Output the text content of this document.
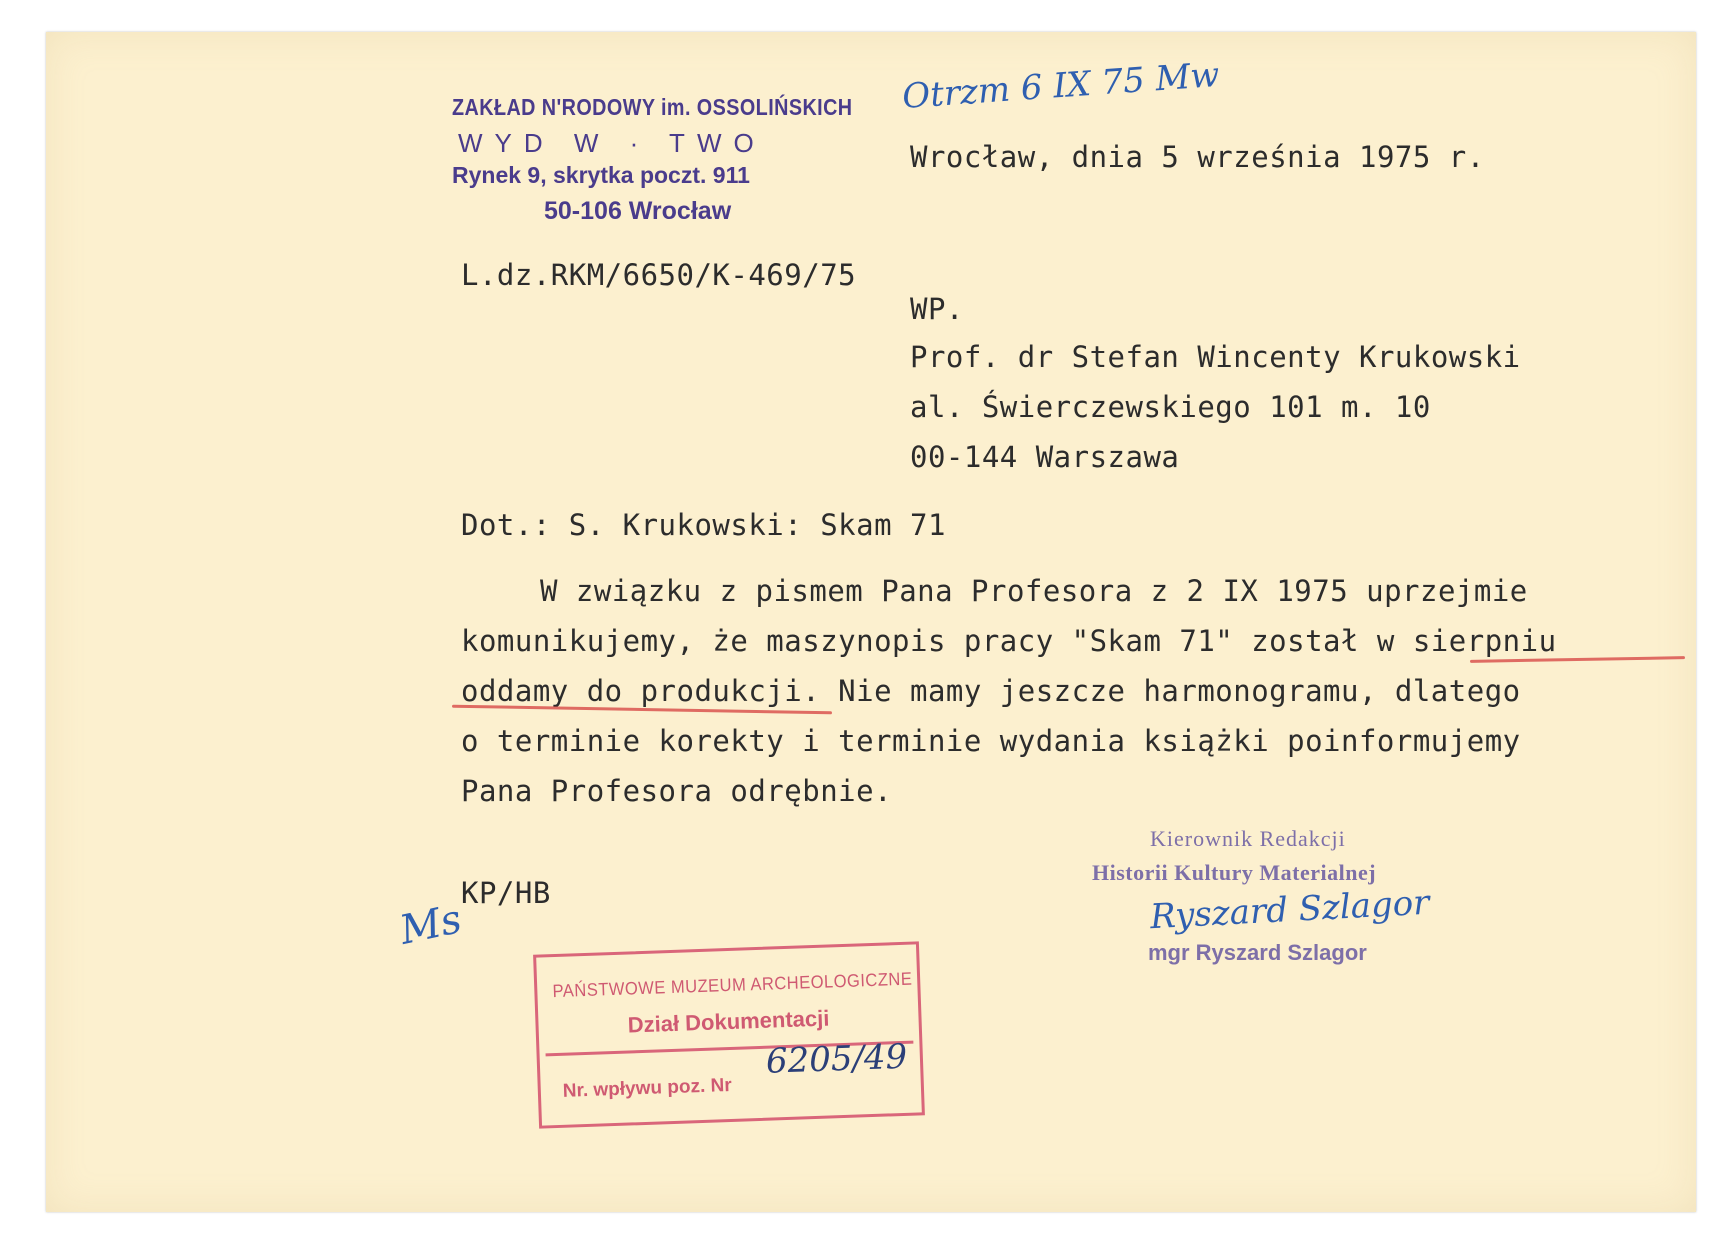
ZAKŁAD N'RODOWY im. OSSOLIŃSKICH
WYD W · TWO
Rynek 9, skrytka poczt. 911
50-106 Wrocław
Otrzm 6 IX 75 Mw
Wrocław, dnia 5 września 1975 r.
L.dz.RKM/6650/K-469/75
WP.
Prof. dr Stefan Wincenty Krukowski
al. Świerczewskiego 101 m. 10
00-144 Warszawa
Dot.: S. Krukowski: Skam 71
W związku z pismem Pana Profesora z 2 IX 1975 uprzejmie
komunikujemy, że maszynopis pracy "Skam 71" został w sierpniu
oddamy do produkcji. Nie mamy jeszcze harmonogramu, dlatego
o terminie korekty i terminie wydania książki poinformujemy
Pana Profesora odrębnie.
Kierownik Redakcji
Historii Kultury Materialnej
Ryszard Szlagor
mgr Ryszard Szlagor
KP/HB
Ms
PAŃSTWOWE MUZEUM ARCHEOLOGICZNE
Dział Dokumentacji
Nr. wpływu poz. Nr
6205/49
